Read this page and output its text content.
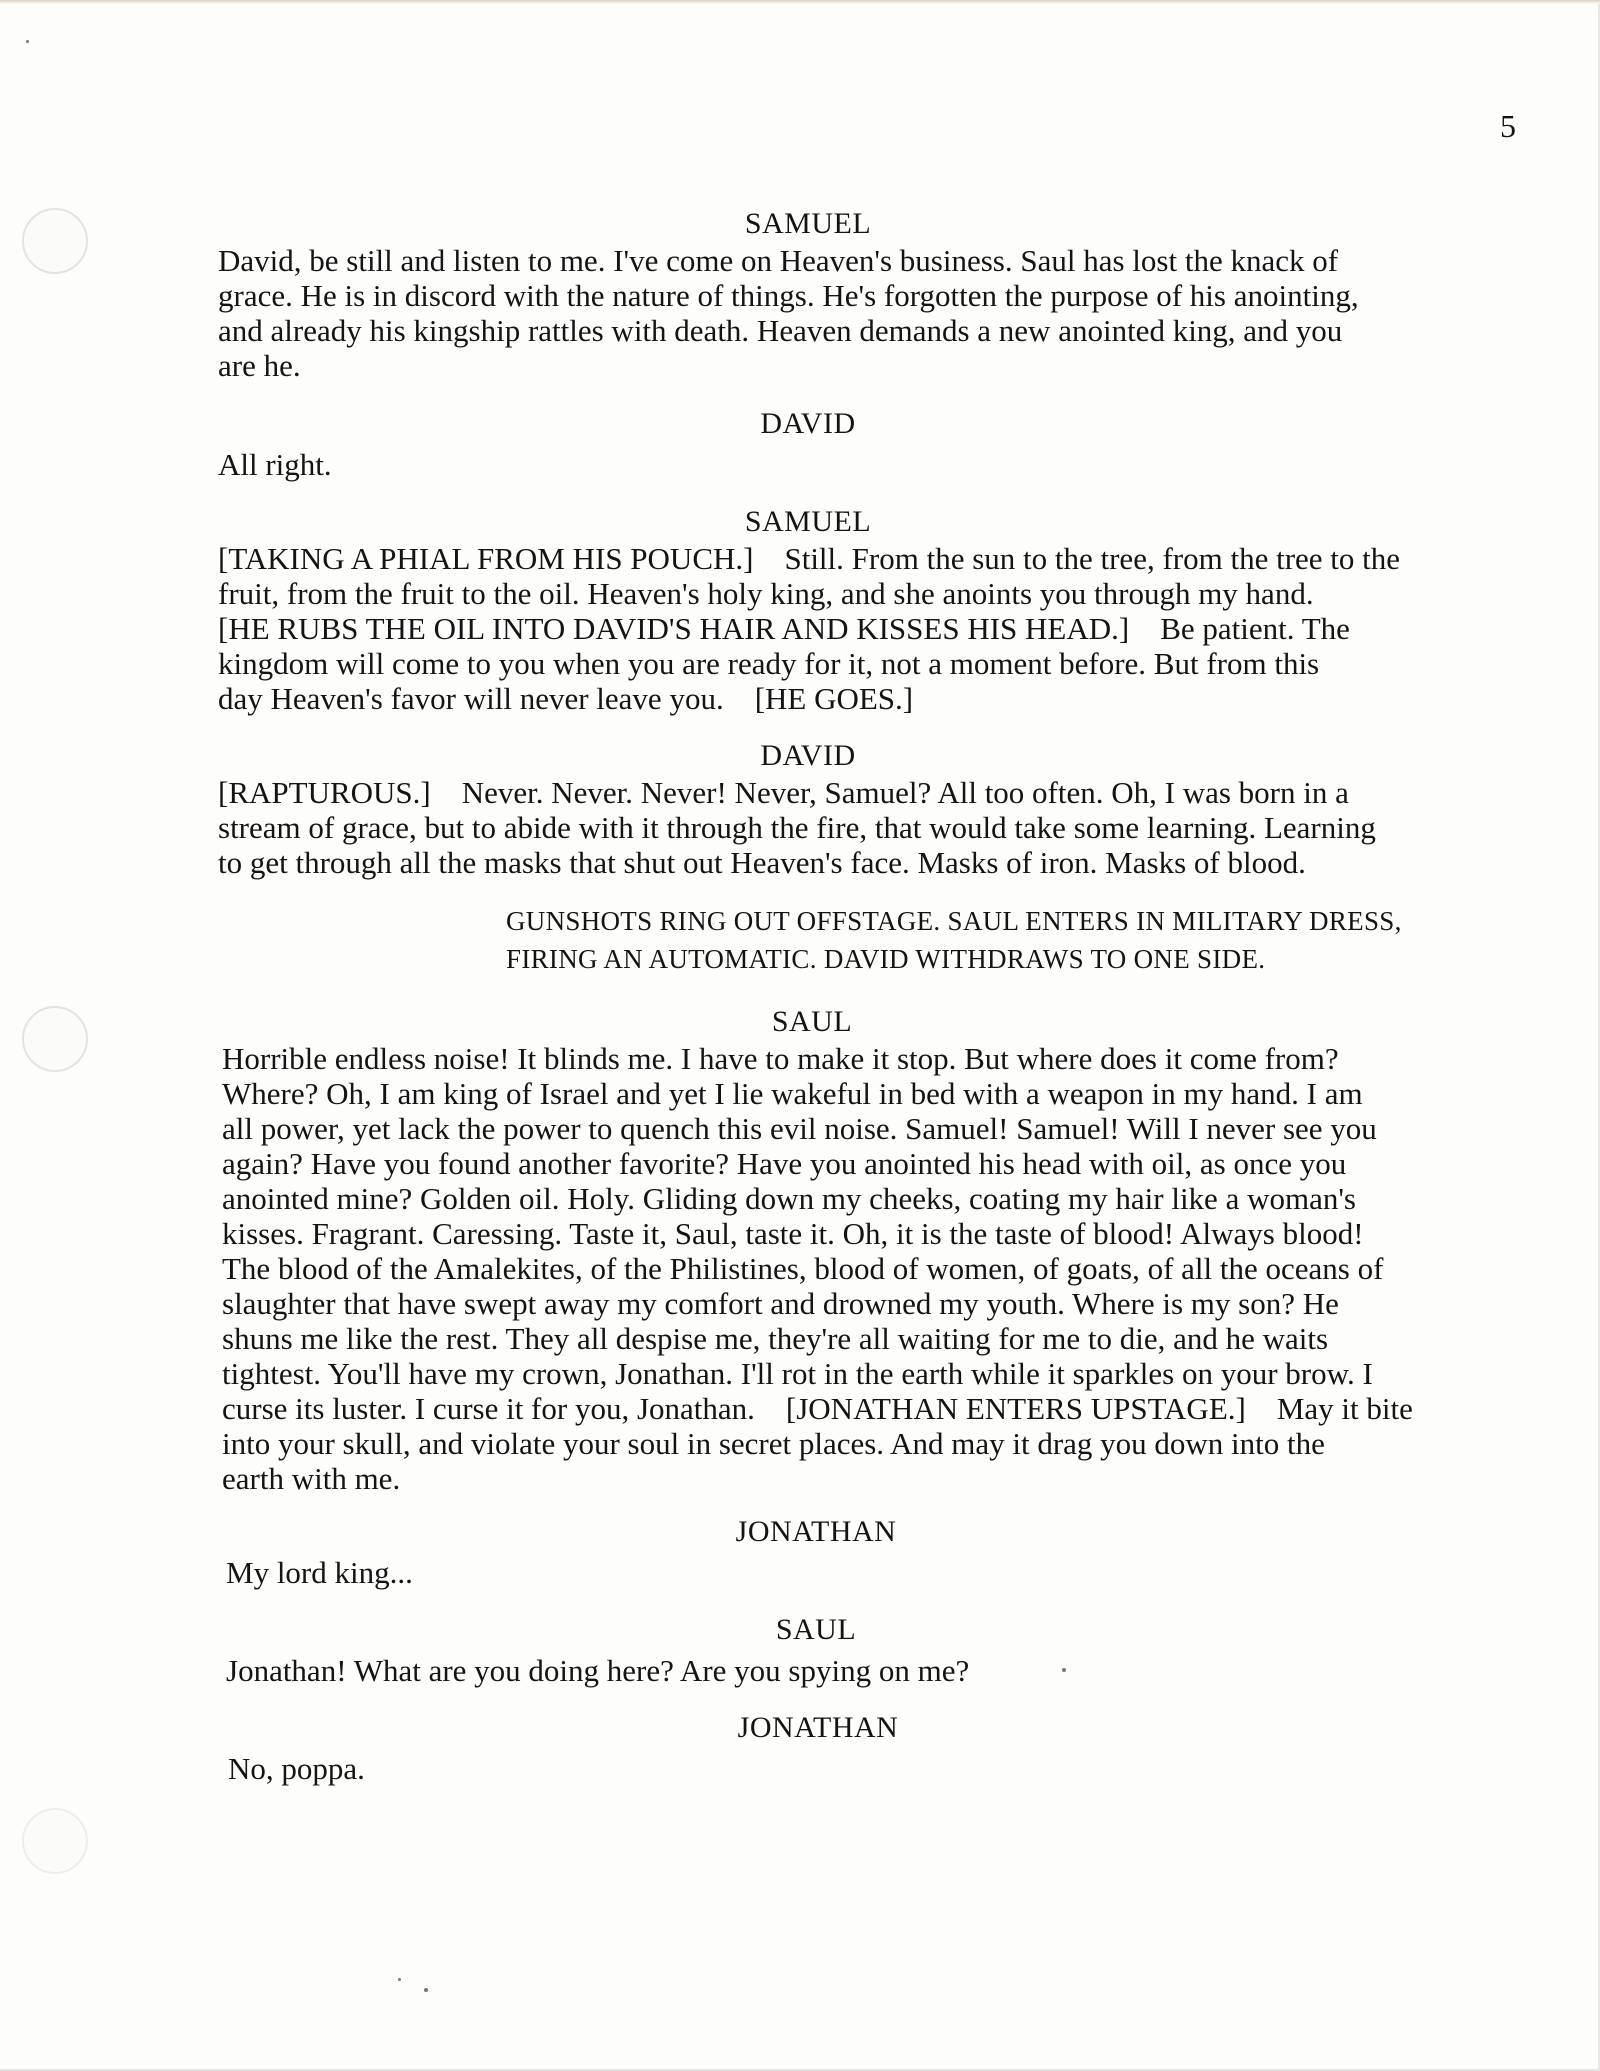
5
SAMUEL
David, be still and listen to me. I've come on Heaven's business. Saul has lost the knack of
grace. He is in discord with the nature of things. He's forgotten the purpose of his anointing,
and already his kingship rattles with death. Heaven demands a new anointed king, and you
are he.
DAVID
All right.
SAMUEL
[TAKING A PHIAL FROM HIS POUCH.]    Still. From the sun to the tree, from the tree to the
fruit, from the fruit to the oil. Heaven's holy king, and she anoints you through my hand.
[HE RUBS THE OIL INTO DAVID'S HAIR AND KISSES HIS HEAD.]    Be patient. The
kingdom will come to you when you are ready for it, not a moment before. But from this
day Heaven's favor will never leave you.    [HE GOES.]
DAVID
[RAPTUROUS.]    Never. Never. Never! Never, Samuel? All too often. Oh, I was born in a
stream of grace, but to abide with it through the fire, that would take some learning. Learning
to get through all the masks that shut out Heaven's face. Masks of iron. Masks of blood.
GUNSHOTS RING OUT OFFSTAGE. SAUL ENTERS IN MILITARY DRESS,
FIRING AN AUTOMATIC. DAVID WITHDRAWS TO ONE SIDE.
SAUL
Horrible endless noise! It blinds me. I have to make it stop. But where does it come from?
Where? Oh, I am king of Israel and yet I lie wakeful in bed with a weapon in my hand. I am
all power, yet lack the power to quench this evil noise. Samuel! Samuel! Will I never see you
again? Have you found another favorite? Have you anointed his head with oil, as once you
anointed mine? Golden oil. Holy. Gliding down my cheeks, coating my hair like a woman's
kisses. Fragrant. Caressing. Taste it, Saul, taste it. Oh, it is the taste of blood! Always blood!
The blood of the Amalekites, of the Philistines, blood of women, of goats, of all the oceans of
slaughter that have swept away my comfort and drowned my youth. Where is my son? He
shuns me like the rest. They all despise me, they're all waiting for me to die, and he waits
tightest. You'll have my crown, Jonathan. I'll rot in the earth while it sparkles on your brow. I
curse its luster. I curse it for you, Jonathan.    [JONATHAN ENTERS UPSTAGE.]    May it bite
into your skull, and violate your soul in secret places. And may it drag you down into the
earth with me.
JONATHAN
My lord king...
SAUL
Jonathan! What are you doing here? Are you spying on me?
JONATHAN
No, poppa.
